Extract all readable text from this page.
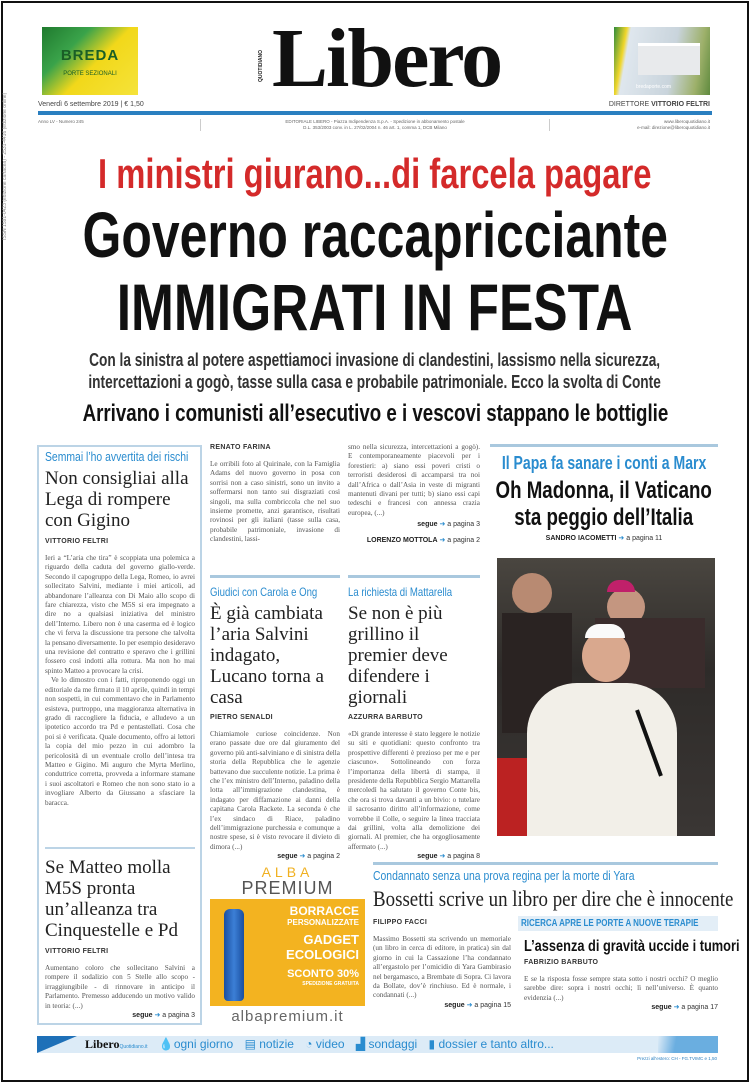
ISSN 1591-0423 (edizione cartacea) - 2531-4416 (edizione online)
BREDA
PORTE SEZIONALI
bredaporte.com
QUOTIDIANO Libero
Venerdì 6 settembre 2019 | € 1,50	DIRETTORE VITTORIO FELTRI
Anno LV - Numero 245	EDITORIALE LIBERO - Piazza Indipendenza S.p.A. - Spedizione in abbonamento postale
D.L. 353/2003 conv. in L. 27/02/2004 n. 46 art. 1, comma 1, DCB Milano
www.liberoquotidiano.it
e-mail: direzione@liberoquotidiano.it
I ministri giurano...di farcela pagare
Governo raccapricciante
IMMIGRATI IN FESTA
Con la sinistra al potere aspettiamoci invasione di clandestini, lassismo nella sicurezza,
intercettazioni a gogò, tasse sulla casa e probabile patrimoniale. Ecco la svolta di Conte
Arrivano i comunisti all’esecutivo e i vescovi stappano le bottiglie
Semmai l’ho avvertita dei rischi
Non consigliai alla Lega di rompere con Gigino
VITTORIO FELTRI
Ieri a “L’aria che tira” è scoppiata una polemica a riguardo della caduta del governo giallo-verde. Secondo il capogruppo della Lega, Romeo, io avrei sollecitato Salvini, mediante i miei articoli, ad abbandonare l’alleanza con Di Maio allo scopo di fare chiarezza, visto che M5S si era impegnato a dire no a qualsiasi iniziativa del ministro dell’Interno. Libero non è una caserma ed è logico che vi ferva la discussione tra persone che talvolta la pensano diversamente. Io per esempio desideravo una revisione del contratto e speravo che i grillini fossero così indotti alla rottura. Ma non ho mai spinto Matteo a provocare la crisi.
Ve lo dimostro con i fatti, riproponendo oggi un editoriale da me firmato il 10 aprile, quindi in tempi non sospetti, in cui commentavo che in Parlamento esisteva, purtroppo, una maggioranza alternativa in grado di raccogliere la fiducia, e alludevo a un ipotetico accordo tra Pd e pentastellati. Cosa che poi si è verificata. Quale documento, offro ai lettori la copia del mio pezzo in cui adombro la pericolosità di un eventuale crollo dell’intesa tra Matteo e Gigino. Mi auguro che Myrta Merlino, conduttrice corretta, provveda a informare stamane i suoi ascoltatori e Romeo che non sono stato io a invogliare Alberto da Giussano a sfasciare la baracca.
Se Matteo molla M5S pronta un’alleanza tra Cinquestelle e Pd
VITTORIO FELTRI
Aumentano coloro che sollecitano Salvini a rompere il sodalizio con 5 Stelle allo scopo - irraggiungibile - di rinnovare in anticipo il Parlamento. Premesso adducendo un motivo valido in teoria: (...)
segue ➜ a pagina 3
RENATO FARINA
Le orribili foto al Quirinale, con la Famiglia Adams del nuovo governo in posa con sorrisi non a caso sinistri, sono un invito a soffermarsi non tanto sui disgraziati così singoli, ma sulla combriccola che nel suo insieme promette, anzi garantisce, risultati rovinosi per gli italiani (tasse sulla casa, probabile patrimoniale, invasione di clandestini, lassi-
Giudici con Carola e Ong
È già cambiata l’aria Salvini indagato, Lucano torna a casa
PIETRO SENALDI
Chiamiamole curiose coincidenze. Non erano passate due ore dal giuramento del governo più anti-salviniano e di sinistra della storia della Repubblica che le agenzie battevano due succulente notizie. La prima è che l’ex ministro dell’Interno, paladino della lotta all’immigrazione clandestina, è indagato per diffamazione ai danni della capitana Carola Rackete. La seconda è che l’ex sindaco di Riace, paladino dell’immigrazione purchessia e comunque a nostre spese, si è visto revocare il divieto di dimora (...)
segue ➜ a pagina 2
smo nella sicurezza, intercettazioni a gogò). E contemporaneamente piacevoli per i forestieri: a) siano essi poveri cristi o terroristi desiderosi di accamparsi tra noi dall’Africa o dall’Asia in veste di migranti mantenuti divani per tutti; b) siano essi capi tedeschi e francesi con annessa crazia europea, (...)
segue ➜ a pagina 3
LORENZO MOTTOLA ➜ a pagina 2
La richiesta di Mattarella
Se non è più grillino il premier deve difendere i giornali
AZZURRA BARBUTO
«Di grande interesse è stato leggere le notizie su siti e quotidiani: questo confronto tra prospettive differenti è prezioso per me e per ciascuno». Sottolineando con forza l’importanza della libertà di stampa, il presidente della Repubblica Sergio Mattarella mercoledì ha salutato il governo Conte bis, che ora si trova davanti a un bivio: o tutelare il sacrosanto diritto all’informazione, come vorrebbe il Colle, o seguire la linea tracciata dai grillini, volta alla demolizione dei giornali. Al premier, che ha orgogliosamente affermato (...)
segue ➜ a pagina 8
Il Papa fa sanare i conti a Marx
Oh Madonna, il Vaticano
sta peggio dell’Italia
SANDRO IACOMETTI ➜ a pagina 11
ALBA
PREMIUM
BORRACCE
PERSONALIZZATE
GADGET
ECOLOGICI
SCONTO 30%
SPEDIZIONE GRATUITA
albapremium.it
Condannato senza una prova regina per la morte di Yara
Bossetti scrive un libro per dire che è innocente
FILIPPO FACCI
Massimo Bossetti sta scrivendo un memoriale (un libro in cerca di editore, in pratica) sin dal giorno in cui la Cassazione l’ha condannato all’ergastolo per l’omicidio di Yara Gambirasio nel bergamasco, a Brembate di Sopra. Ci lavora da Bollate, dov’è rinchiuso. Ed è normale, i condannati (...)
segue ➜ a pagina 15
RICERCA APRE LE PORTE A NUOVE TERAPIE
L’assenza di gravità uccide i tumori
FABRIZIO BARBUTO
E se la risposta fosse sempre stata sotto i nostri occhi? O meglio sarebbe dire: sopra i nostri occhi; lì nell’universo. È quanto evidenzia (...)
segue ➜ a pagina 17
LiberoQuotidiano.it 💧ogni giorno ▤ notizie ◔ video ▟ sondaggi ▮ dossier e tanto altro...
Prezzi all'estero: CH - FG.TVIMC e 1,50
